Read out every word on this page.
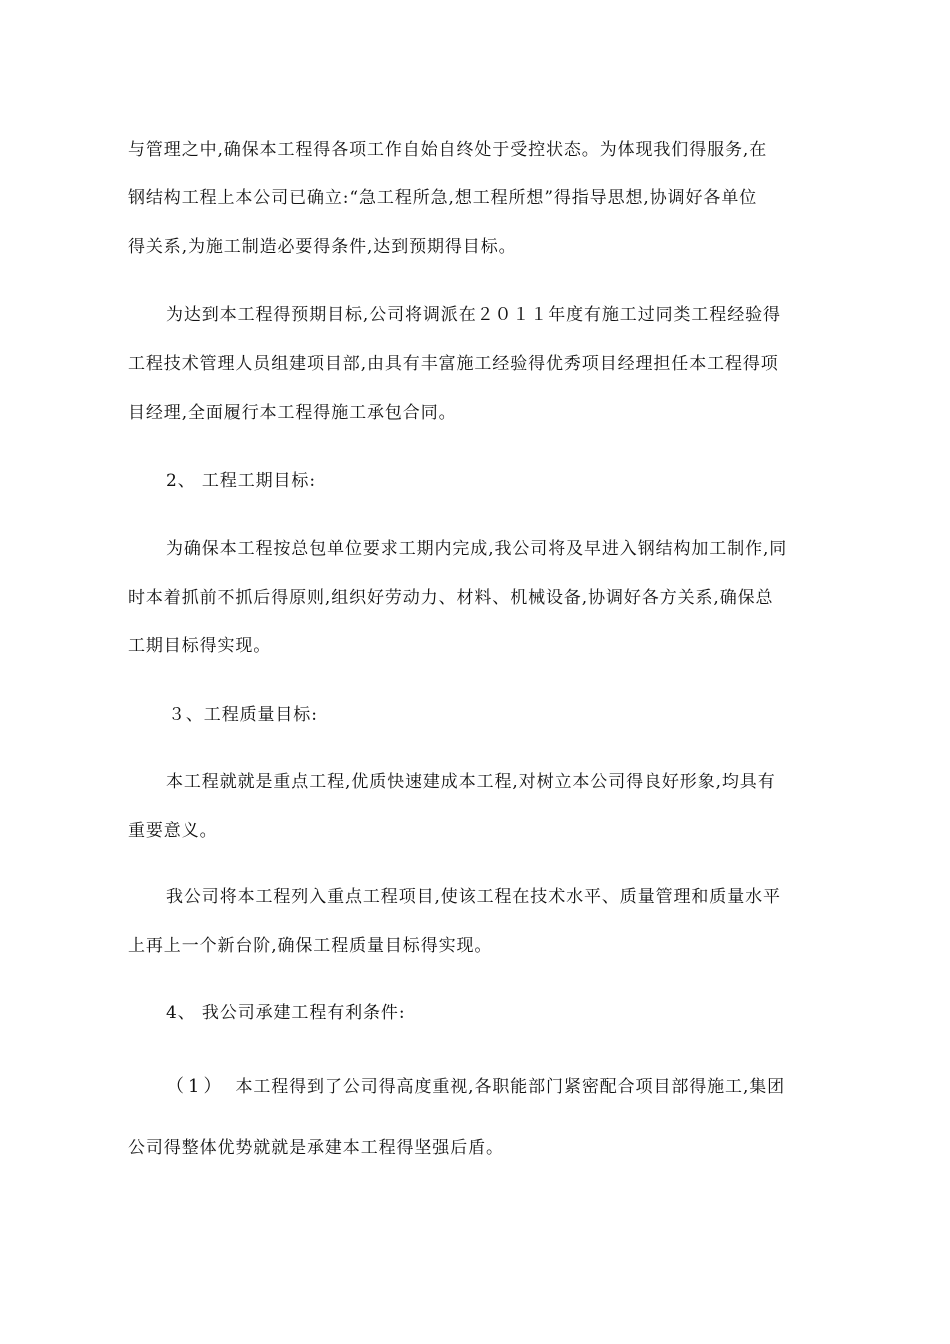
与管理之中,确保本工程得各项工作自始自终处于受控状态。为体现我们得服务,在
钢结构工程上本公司已确立:“急工程所急,想工程所想”得指导思想,协调好各单位
得关系,为施工制造必要得条件,达到预期得目标。
为达到本工程得预期目标,公司将调派在２０１１年度有施工过同类工程经验得
工程技术管理人员组建项目部,由具有丰富施工经验得优秀项目经理担任本工程得项
目经理,全面履行本工程得施工承包合同。
2、 工程工期目标:
为确保本工程按总包单位要求工期内完成,我公司将及早进入钢结构加工制作,同
时本着抓前不抓后得原则,组织好劳动力、材料、机械设备,协调好各方关系,确保总
工期目标得实现。
３、工程质量目标:
本工程就就是重点工程,优质快速建成本工程,对树立本公司得良好形象,均具有
重要意义。
我公司将本工程列入重点工程项目,使该工程在技术水平、质量管理和质量水平
上再上一个新台阶,确保工程质量目标得实现。
4、 我公司承建工程有利条件:
（1） 本工程得到了公司得高度重视,各职能部门紧密配合项目部得施工,集团
公司得整体优势就就是承建本工程得坚强后盾。
